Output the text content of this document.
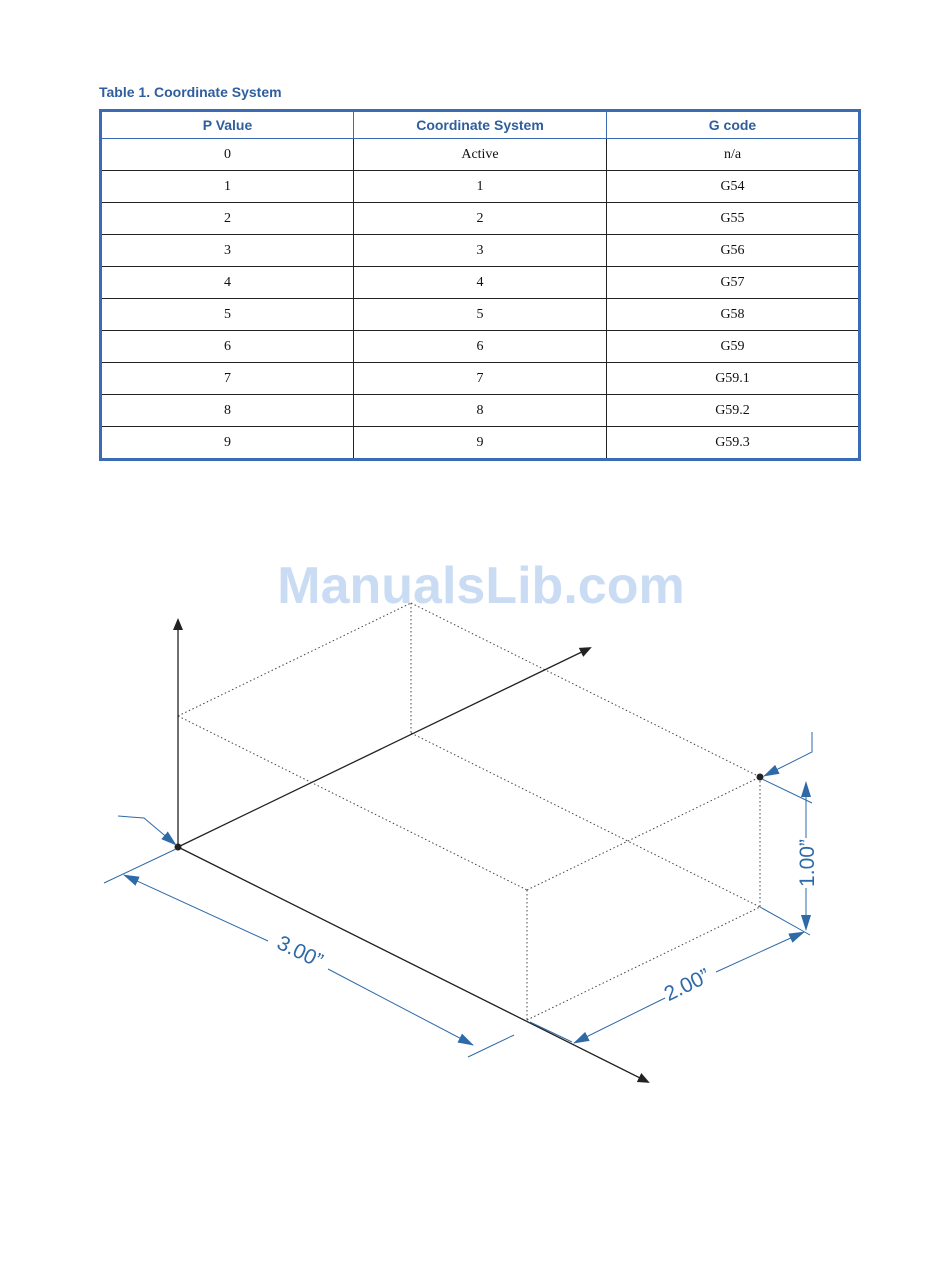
Table 1. Coordinate System
P Value	Coordinate System	G code
0	Active	n/a
1	1	G54
2	2	G55
3	3	G56
4	4	G57
5	5	G58
6	6	G59
7	7	G59.1
8	8	G59.2
9	9	G59.3
ManualsLib.com
3.00”
2.00”
1.00”
